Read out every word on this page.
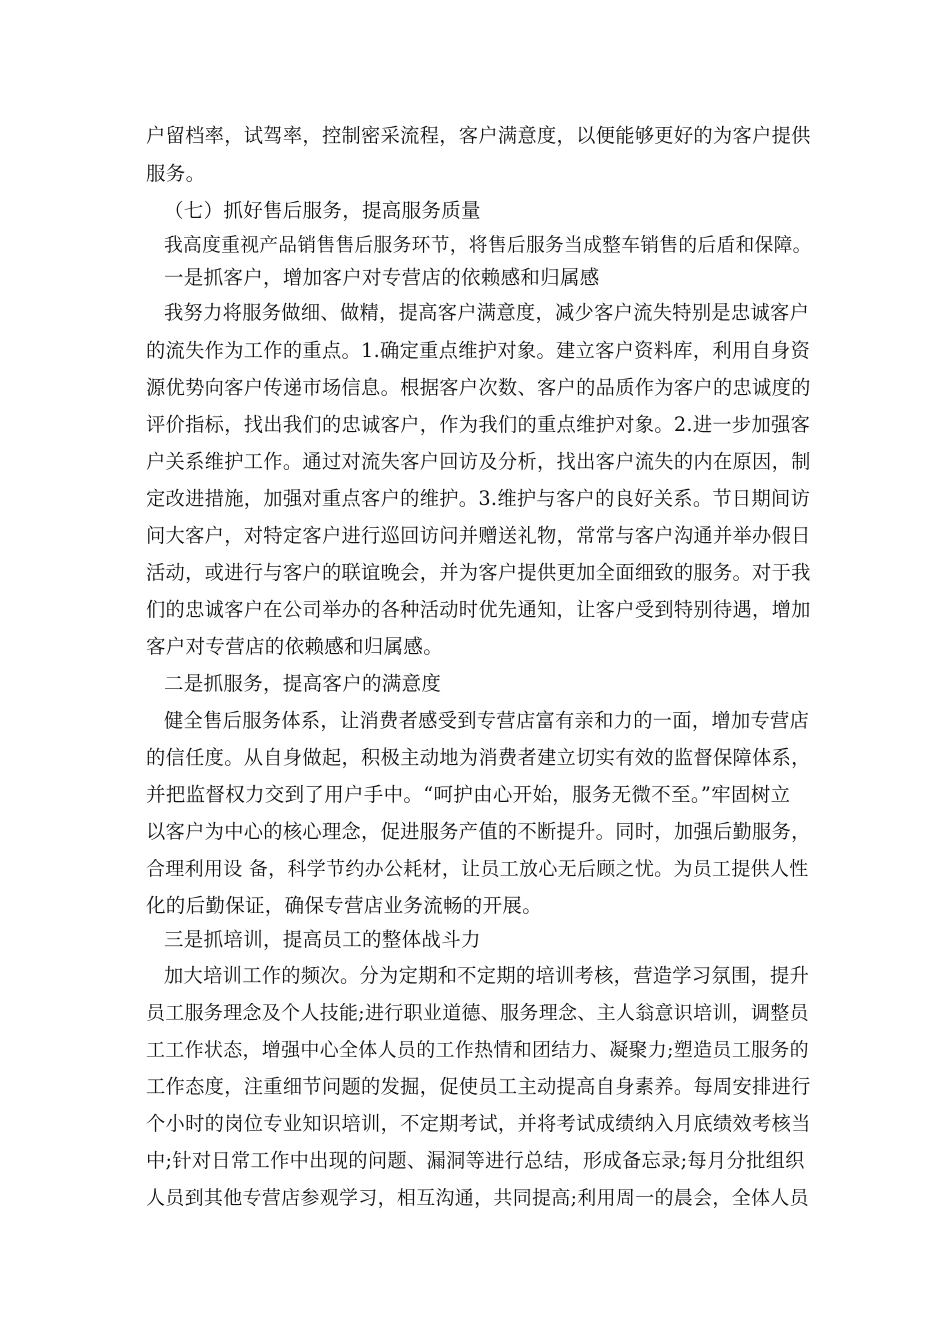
户留档率，试驾率，控制密采流程，客户满意度，以便能够更好的为客户提供
服务。
（七）抓好售后服务，提高服务质量
我高度重视产品销售售后服务环节，将售后服务当成整车销售的后盾和保障。
一是抓客户，增加客户对专营店的依赖感和归属感
我努力将服务做细、做精，提高客户满意度，减少客户流失特别是忠诚客户
的流失作为工作的重点。1.确定重点维护对象。建立客户资料库，利用自身资
源优势向客户传递市场信息。根据客户次数、客户的品质作为客户的忠诚度的
评价指标，找出我们的忠诚客户，作为我们的重点维护对象。2.进一步加强客
户关系维护工作。通过对流失客户回访及分析，找出客户流失的内在原因，制
定改进措施，加强对重点客户的维护。3.维护与客户的良好关系。节日期间访
问大客户，对特定客户进行巡回访问并赠送礼物，常常与客户沟通并举办假日
活动，或进行与客户的联谊晚会，并为客户提供更加全面细致的服务。对于我
们的忠诚客户在公司举办的各种活动时优先通知，让客户受到特别待遇，增加
客户对专营店的依赖感和归属感。
二是抓服务，提高客户的满意度
健全售后服务体系，让消费者感受到专营店富有亲和力的一面，增加专营店
的信任度。从自身做起，积极主动地为消费者建立切实有效的监督保障体系，
并把监督权力交到了用户手中。“呵护由心开始，服务无微不至。”牢固树立
以客户为中心的核心理念，促进服务产值的不断提升。同时，加强后勤服务，
合理利用设 备，科学节约办公耗材，让员工放心无后顾之忧。为员工提供人性
化的后勤保证，确保专营店业务流畅的开展。
三是抓培训，提高员工的整体战斗力
加大培训工作的频次。分为定期和不定期的培训考核，营造学习氛围，提升
员工服务理念及个人技能;进行职业道德、服务理念、主人翁意识培训，调整员
工工作状态，增强中心全体人员的工作热情和团结力、凝聚力;塑造员工服务的
工作态度，注重细节问题的发掘，促使员工主动提高自身素养。每周安排进行
个小时的岗位专业知识培训，不定期考试，并将考试成绩纳入月底绩效考核当
中;针对日常工作中出现的问题、漏洞等进行总结，形成备忘录;每月分批组织
人员到其他专营店参观学习，相互沟通，共同提高;利用周一的晨会，全体人员
